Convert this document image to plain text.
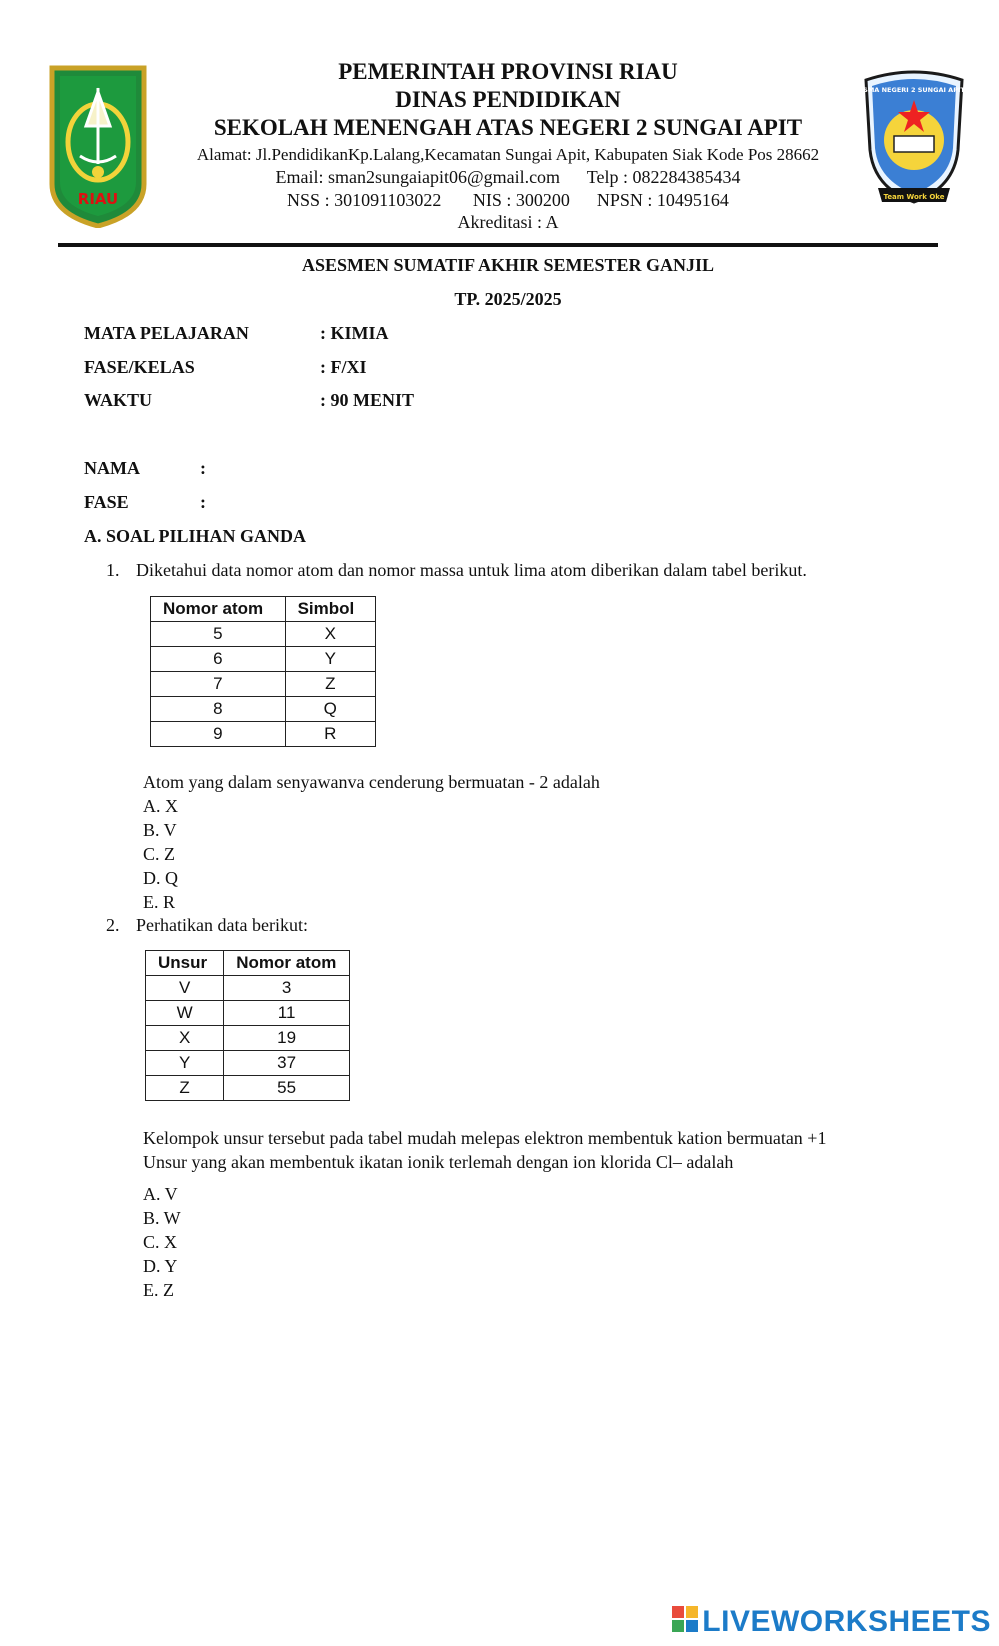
RIAU	Team Work Oke
SMA NEGERI 2 SUNGAI APIT
PEMERINTAH PROVINSI RIAU
DINAS PENDIDIKAN
SEKOLAH MENENGAH ATAS NEGERI 2 SUNGAI APIT
Alamat: Jl.PendidikanKp.Lalang,Kecamatan Sungai Apit, Kabupaten Siak Kode Pos 28662
Email: sman2sungaiapit06@gmail.com      Telp : 082284385434
NSS : 301091103022       NIS : 300200      NPSN : 10495164
Akreditasi : A
ASESMEN SUMATIF AKHIR SEMESTER GANJIL
TP. 2025/2025
MATA PELAJARAN	: KIMIA
FASE/KELAS	: F/XI
WAKTU	: 90 MENIT
NAMA	:
FASE	:
A. SOAL PILIHAN GANDA
1. Diketahui data nomor atom dan nomor massa untuk lima atom diberikan dalam tabel berikut.
Nomor atom	Simbol
5	X
6	Y
7	Z
8	Q
9	R
Atom yang dalam senyawanva cenderung bermuatan - 2 adalah
A. X
B. V
C. Z
D. Q
E. R
2. Perhatikan data berikut:
Unsur	Nomor atom
V	3
W	11
X	19
Y	37
Z	55
Kelompok unsur tersebut pada tabel mudah melepas elektron membentuk kation bermuatan +1
Unsur yang akan membentuk ikatan ionik terlemah dengan ion klorida Cl– adalah
A. V
B. W
C. X
D. Y
E. Z
LIVEWORKSHEETS
